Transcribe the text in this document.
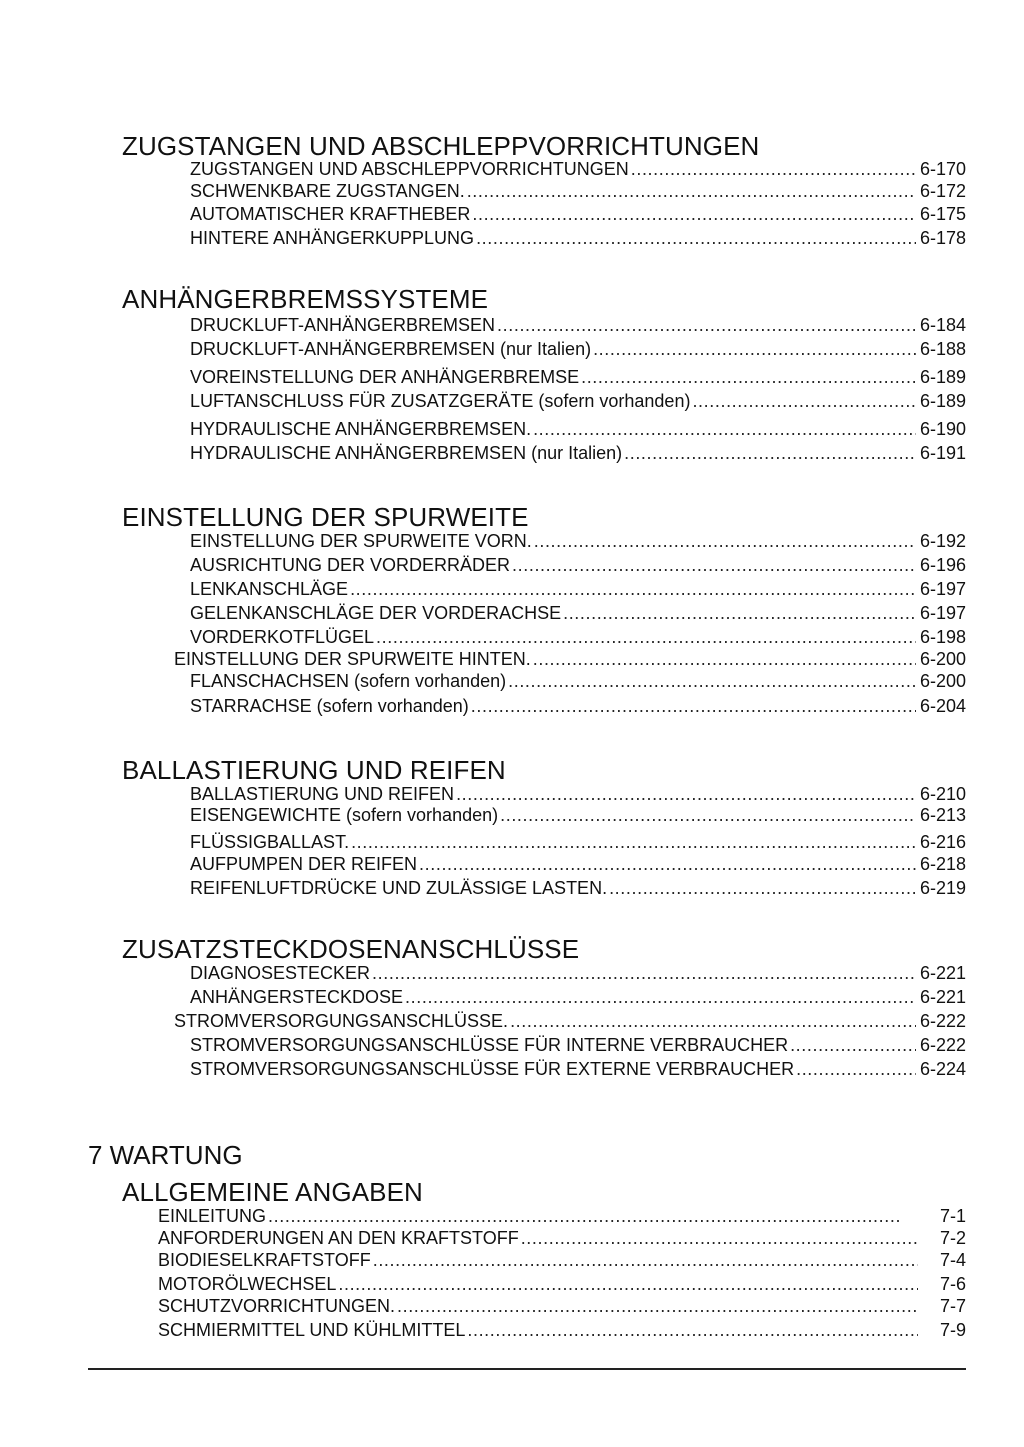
ZUGSTANGEN UND ABSCHLEPPVORRICHTUNGEN
ZUGSTANGEN UND ABSCHLEPPVORRICHTUNGEN . . .	6-170
SCHWENKBARE ZUGSTANGEN. . . .	6-172
AUTOMATISCHER KRAFTHEBER . . .	6-175
HINTERE ANHÄNGERKUPPLUNG . . .	6-178
ANHÄNGERBREMSSYSTEME
DRUCKLUFT-ANHÄNGERBREMSEN . . .	6-184
DRUCKLUFT-ANHÄNGERBREMSEN (nur Italien) . . .	6-188
VOREINSTELLUNG DER ANHÄNGERBREMSE . . .	6-189
LUFTANSCHLUSS FÜR ZUSATZGERÄTE (sofern vorhanden) . . .	6-189
HYDRAULISCHE ANHÄNGERBREMSEN. . . .	6-190
HYDRAULISCHE ANHÄNGERBREMSEN (nur Italien) . . .	6-191
EINSTELLUNG DER SPURWEITE
EINSTELLUNG DER SPURWEITE VORN. . . .	6-192
AUSRICHTUNG DER VORDERRÄDER . . .	6-196
LENKANSCHLÄGE . . .	6-197
GELENKANSCHLÄGE DER VORDERACHSE . . .	6-197
VORDERKOTFLÜGEL . . .	6-198
EINSTELLUNG DER SPURWEITE HINTEN. . . .	6-200
FLANSCHACHSEN (sofern vorhanden) . . .	6-200
STARRACHSE (sofern vorhanden) . . .	6-204
BALLASTIERUNG UND REIFEN
BALLASTIERUNG UND REIFEN . . .	6-210
EISENGEWICHTE (sofern vorhanden) . . .	6-213
FLÜSSIGBALLAST. . . .	6-216
AUFPUMPEN DER REIFEN . . .	6-218
REIFENLUFTDRÜCKE UND ZULÄSSIGE LASTEN. . . .	6-219
ZUSATZSTECKDOSENANSCHLÜSSE
DIAGNOSESTECKER . . .	6-221
ANHÄNGERSTECKDOSE . . .	6-221
STROMVERSORGUNGSANSCHLÜSSE. . . .	6-222
STROMVERSORGUNGSANSCHLÜSSE FÜR INTERNE VERBRAUCHER . . .	6-222
STROMVERSORGUNGSANSCHLÜSSE FÜR EXTERNE VERBRAUCHER . . .	6-224
7 WARTUNG
ALLGEMEINE ANGABEN
EINLEITUNG . . .	7-1
ANFORDERUNGEN AN DEN KRAFTSTOFF . . .	7-2
BIODIESELKRAFTSTOFF . . .	7-4
MOTORÖLWECHSEL . . .	7-6
SCHUTZVORRICHTUNGEN. . . .	7-7
SCHMIERMITTEL UND KÜHLMITTEL . . .	7-9
